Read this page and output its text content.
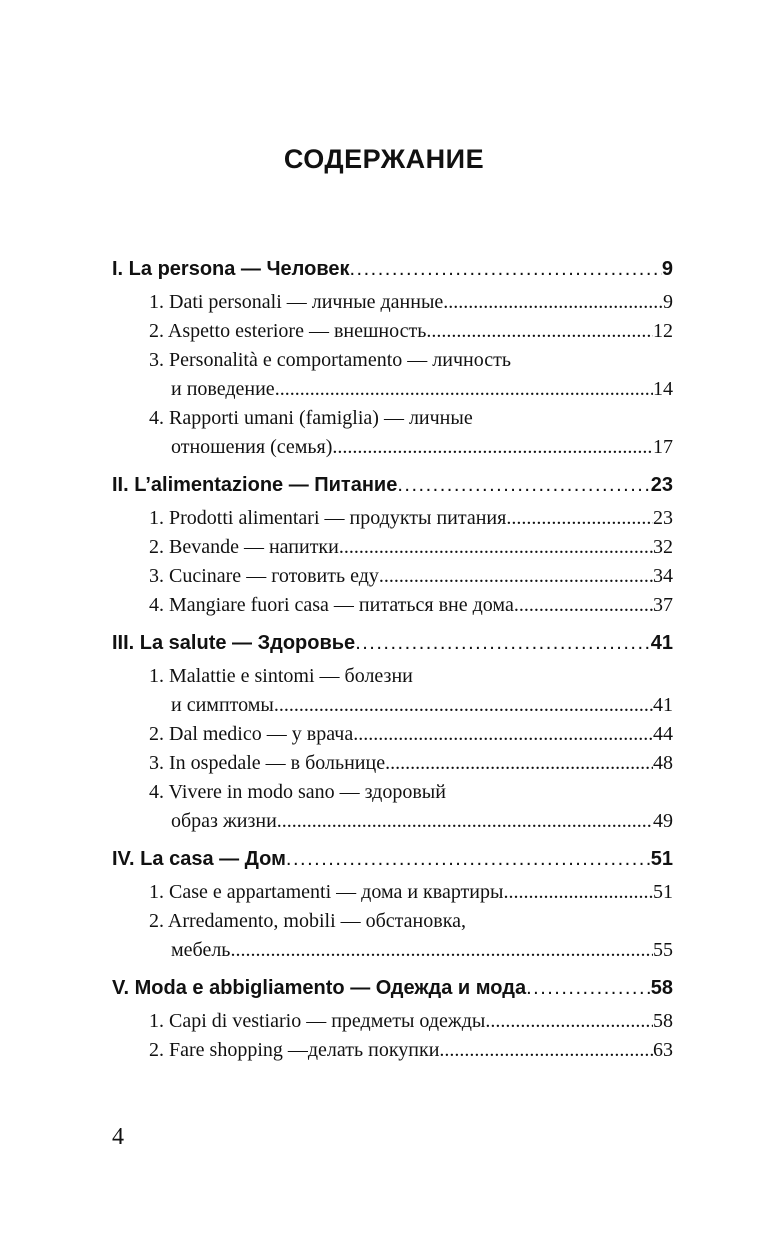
СОДЕРЖАНИЕ
I. La persona — Человек .....	9
1. Dati personali — личные данные .....	9
2. Aspetto esteriore — внешность .....	12
3. Personalità e comportamento — личность
и поведение .....	14
4. Rapporti umani (famiglia) — личные
отношения (семья) .....	17
II. L’alimentazione — Питание .....	23
1. Prodotti alimentari — продукты питания .....	23
2. Bevande — напитки .....	32
3. Cucinare — готовить еду .....	34
4. Mangiare fuori casa — питаться вне дома .....	37
III. La salute — Здоровье .....	41
1. Malattie e sintomi — болезни
и симптомы .....	41
2. Dal medico — у врача .....	44
3. In ospedale — в больнице .....	48
4. Vivere in modo sano — здоровый
образ жизни .....	49
IV. La casa — Дом .....	51
1. Case e appartamenti — дома и квартиры .....	51
2. Arredamento, mobili — обстановка,
мебель .....	55
V. Moda e abbigliamento — Одежда и мода .....	58
1. Capi di vestiario — предметы одежды .....	58
2. Fare shopping —делать покупки .....	63
4
